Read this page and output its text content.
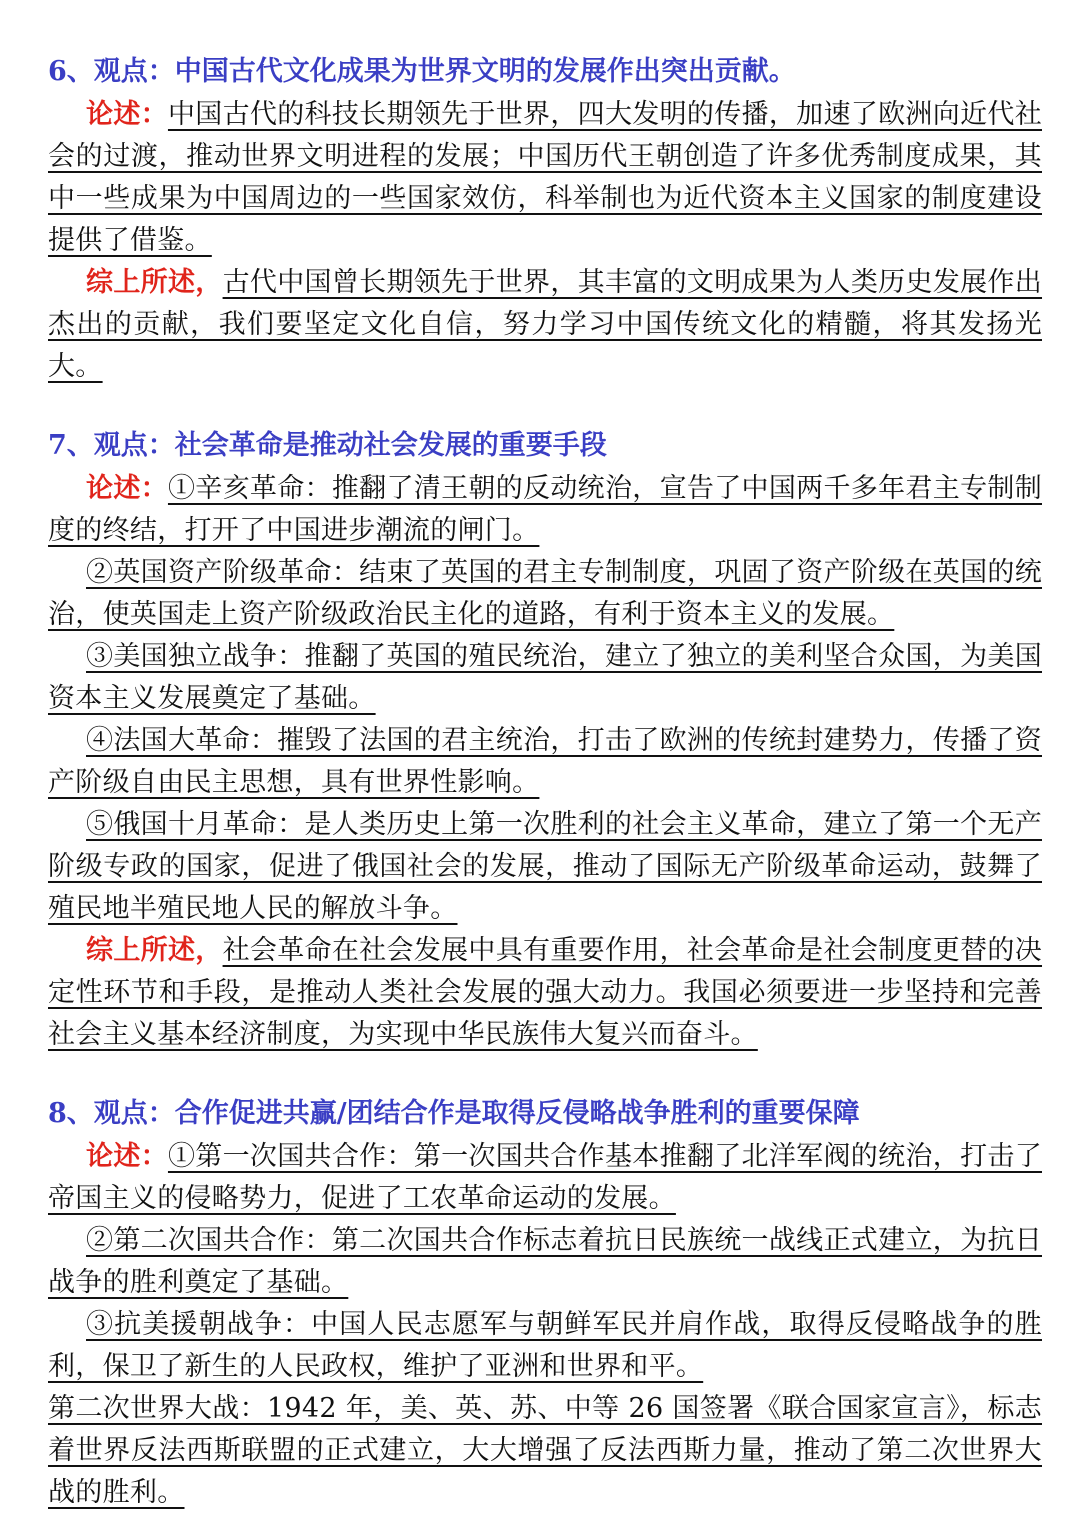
6、观点：中国古代文化成果为世界文明的发展作出突出贡献。

论述：中国古代的科技长期领先于世界，四大发明的传播，加速了欧洲向近代社会的过渡，推动世界文明进程的发展；中国历代王朝创造了许多优秀制度成果，其中一些成果为中国周边的一些国家效仿，科举制也为近代资本主义国家的制度建设提供了借鉴。

综上所述，古代中国曾长期领先于世界，其丰富的文明成果为人类历史发展作出杰出的贡献，我们要坚定文化自信，努力学习中国传统文化的精髓，将其发扬光大。

7、观点：社会革命是推动社会发展的重要手段

论述：①辛亥革命：推翻了清王朝的反动统治，宣告了中国两千多年君主专制制度的终结，打开了中国进步潮流的闸门。

②英国资产阶级革命：结束了英国的君主专制制度，巩固了资产阶级在英国的统治，使英国走上资产阶级政治民主化的道路，有利于资本主义的发展。

③美国独立战争：推翻了英国的殖民统治，建立了独立的美利坚合众国，为美国资本主义发展奠定了基础。

④法国大革命：摧毁了法国的君主统治，打击了欧洲的传统封建势力，传播了资产阶级自由民主思想，具有世界性影响。

⑤俄国十月革命：是人类历史上第一次胜利的社会主义革命，建立了第一个无产阶级专政的国家，促进了俄国社会的发展，推动了国际无产阶级革命运动，鼓舞了殖民地半殖民地人民的解放斗争。

综上所述，社会革命在社会发展中具有重要作用，社会革命是社会制度更替的决定性环节和手段，是推动人类社会发展的强大动力。我国必须要进一步坚持和完善社会主义基本经济制度，为实现中华民族伟大复兴而奋斗。

8、观点：合作促进共赢/团结合作是取得反侵略战争胜利的重要保障

论述：①第一次国共合作：第一次国共合作基本推翻了北洋军阀的统治，打击了帝国主义的侵略势力，促进了工农革命运动的发展。

②第二次国共合作：第二次国共合作标志着抗日民族统一战线正式建立，为抗日战争的胜利奠定了基础。

③抗美援朝战争：中国人民志愿军与朝鲜军民并肩作战，取得反侵略战争的胜利，保卫了新生的人民政权，维护了亚洲和世界和平。

第二次世界大战：1942 年，美、英、苏、中等 26 国签署《联合国家宣言》，标志着世界反法西斯联盟的正式建立，大大增强了反法西斯力量，推动了第二次世界大战的胜利。
